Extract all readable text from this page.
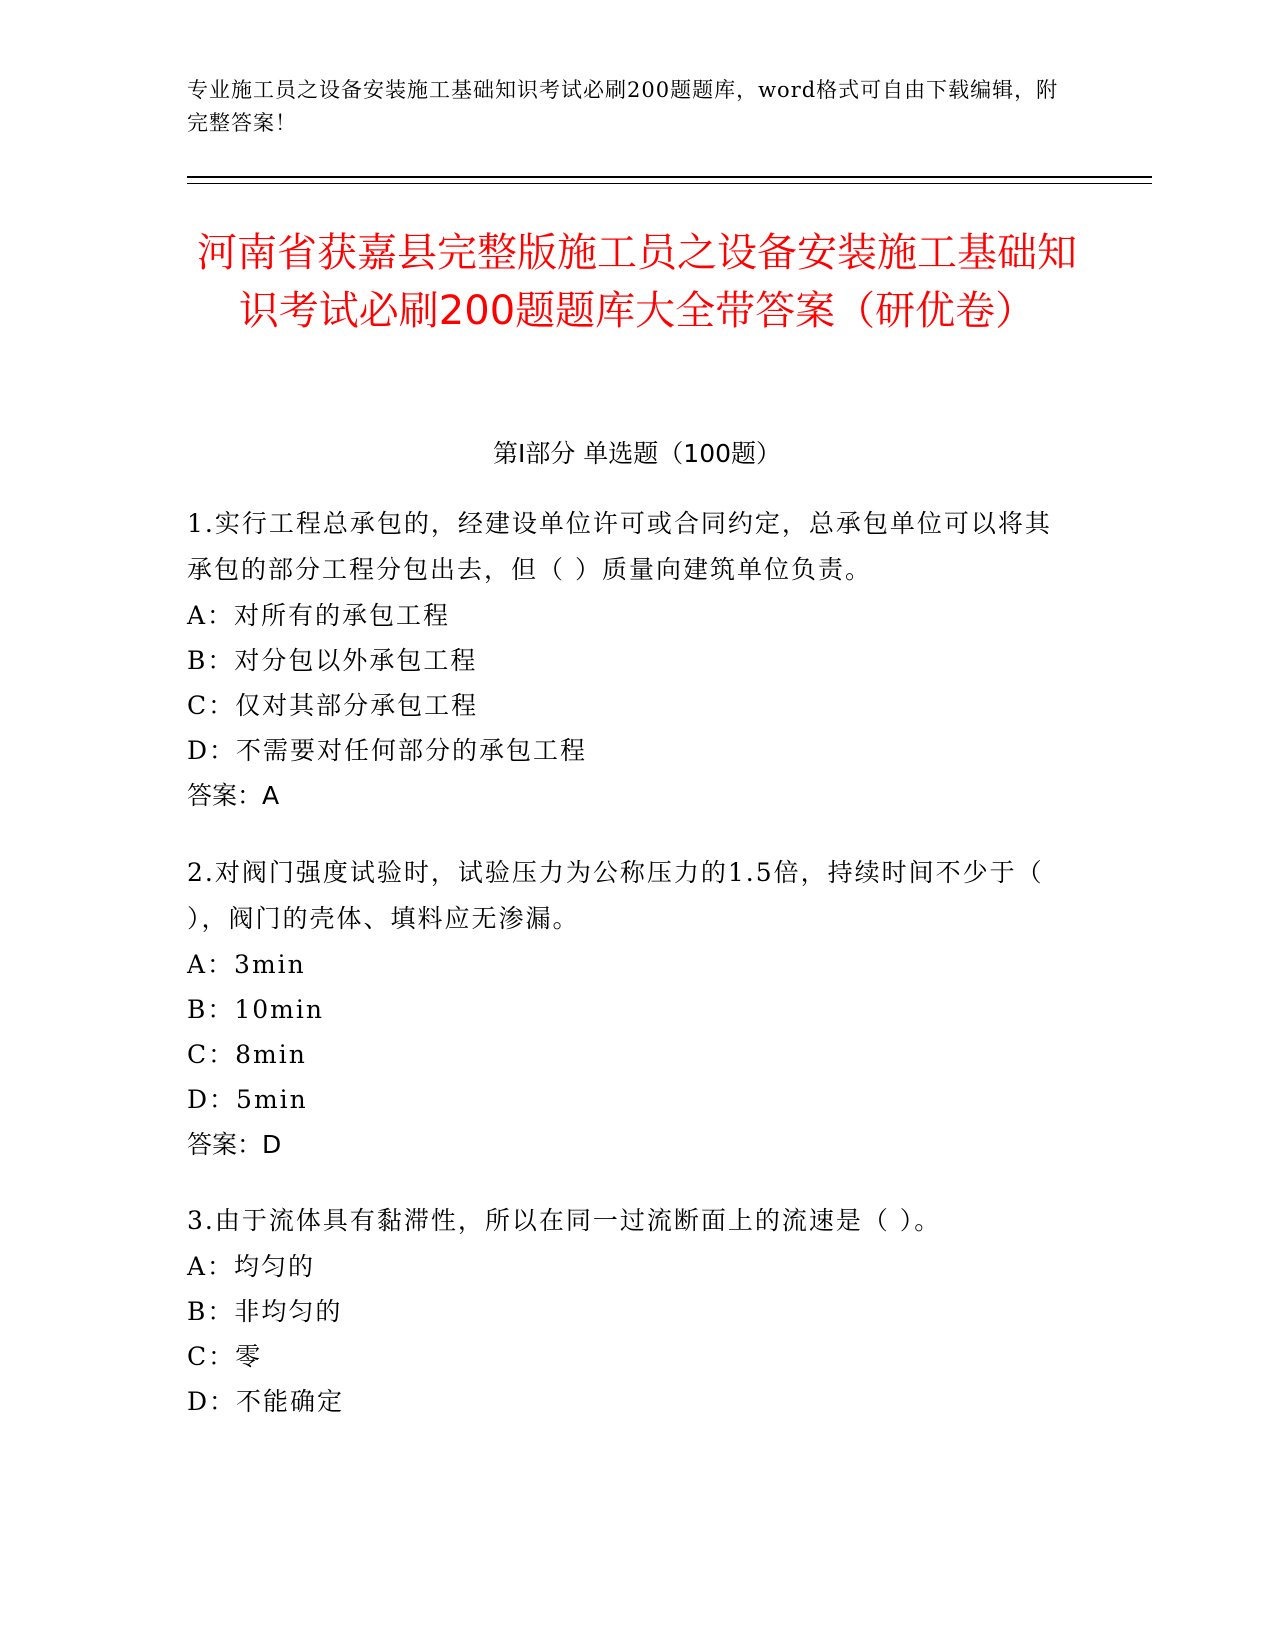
专业施工员之设备安装施工基础知识考试必刷200题题库，word格式可自由下载编辑，附完整答案！
河南省获嘉县完整版施工员之设备安装施工基础知识考试必刷200题题库大全带答案（研优卷）
第Ⅰ部分 单选题（100题）
1.实行工程总承包的，经建设单位许可或合同约定，总承包单位可以将其承包的部分工程分包出去，但（ ）质量向建筑单位负责。
A：对所有的承包工程
B：对分包以外承包工程
C：仅对其部分承包工程
D：不需要对任何部分的承包工程
答案：A
2.对阀门强度试验时，试验压力为公称压力的1.5倍，持续时间不少于（ ），阀门的壳体、填料应无渗漏。
A：3min
B：10min
C：8min
D：5min
答案：D
3.由于流体具有黏滞性，所以在同一过流断面上的流速是（ ）。
A：均匀的
B：非均匀的
C：零
D：不能确定
